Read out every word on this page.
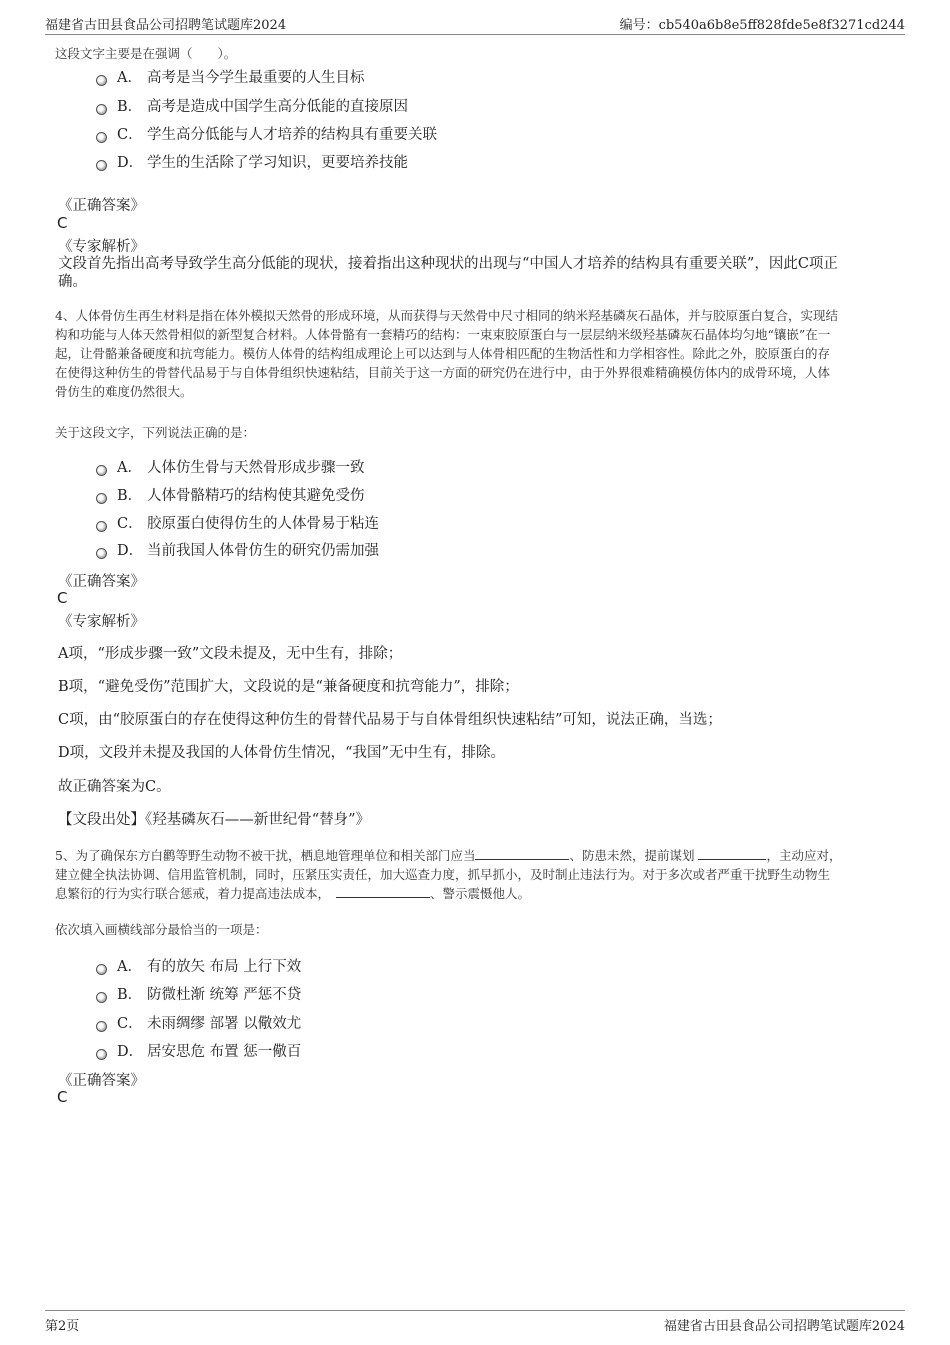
福建省古田县食品公司招聘笔试题库2024	编号：cb540a6b8e5ff828fde5e8f3271cd244
这段文字主要是在强调（　　）。
A． 高考是当今学生最重要的人生目标
B． 高考是造成中国学生高分低能的直接原因
C． 学生高分低能与人才培养的结构具有重要关联
D． 学生的生活除了学习知识，更要培养技能
《正确答案》
C
《专家解析》
文段首先指出高考导致学生高分低能的现状，接着指出这种现状的出现与“中国人才培养的结构具有重要关联”，因此C项正
确。
4、人体骨仿生再生材料是指在体外模拟天然骨的形成环境，从而获得与天然骨中尺寸相同的纳米羟基磷灰石晶体，并与胶原蛋白复合，实现结
构和功能与人体天然骨相似的新型复合材料。人体骨骼有一套精巧的结构：一束束胶原蛋白与一层层纳米级羟基磷灰石晶体均匀地“镶嵌”在一
起，让骨骼兼备硬度和抗弯能力。模仿人体骨的结构组成理论上可以达到与人体骨相匹配的生物活性和力学相容性。除此之外，胶原蛋白的存
在使得这种仿生的骨替代品易于与自体骨组织快速粘结，目前关于这一方面的研究仍在进行中，由于外界很难精确模仿体内的成骨环境，人体
骨仿生的难度仍然很大。
关于这段文字，下列说法正确的是：
A． 人体仿生骨与天然骨形成步骤一致
B． 人体骨骼精巧的结构使其避免受伤
C． 胶原蛋白使得仿生的人体骨易于粘连
D． 当前我国人体骨仿生的研究仍需加强
《正确答案》
C
《专家解析》
A项，“形成步骤一致”文段未提及，无中生有，排除；
B项，“避免受伤”范围扩大，文段说的是“兼备硬度和抗弯能力”，排除；
C项，由“胶原蛋白的存在使得这种仿生的骨替代品易于与自体骨组织快速粘结”可知，说法正确，当选；
D项，文段并未提及我国的人体骨仿生情况，“我国”无中生有，排除。
故正确答案为C。
【文段出处】《羟基磷灰石——新世纪骨“替身”》
5、为了确保东方白鹳等野生动物不被干扰，栖息地管理单位和相关部门应当	、防患未然，提前谋划	，主动应对，
建立健全执法协调、信用监管机制，同时，压紧压实责任，加大巡查力度，抓早抓小，及时制止违法行为。对于多次或者严重干扰野生动物生
息繁衍的行为实行联合惩戒，着力提高违法成本，	、警示震慑他人。
依次填入画横线部分最恰当的一项是：
A． 有的放矢 布局 上行下效
B． 防微杜渐 统筹 严惩不贷
C． 未雨绸缪 部署 以儆效尤
D． 居安思危 布置 惩一儆百
《正确答案》
C
第2页	福建省古田县食品公司招聘笔试题库2024
